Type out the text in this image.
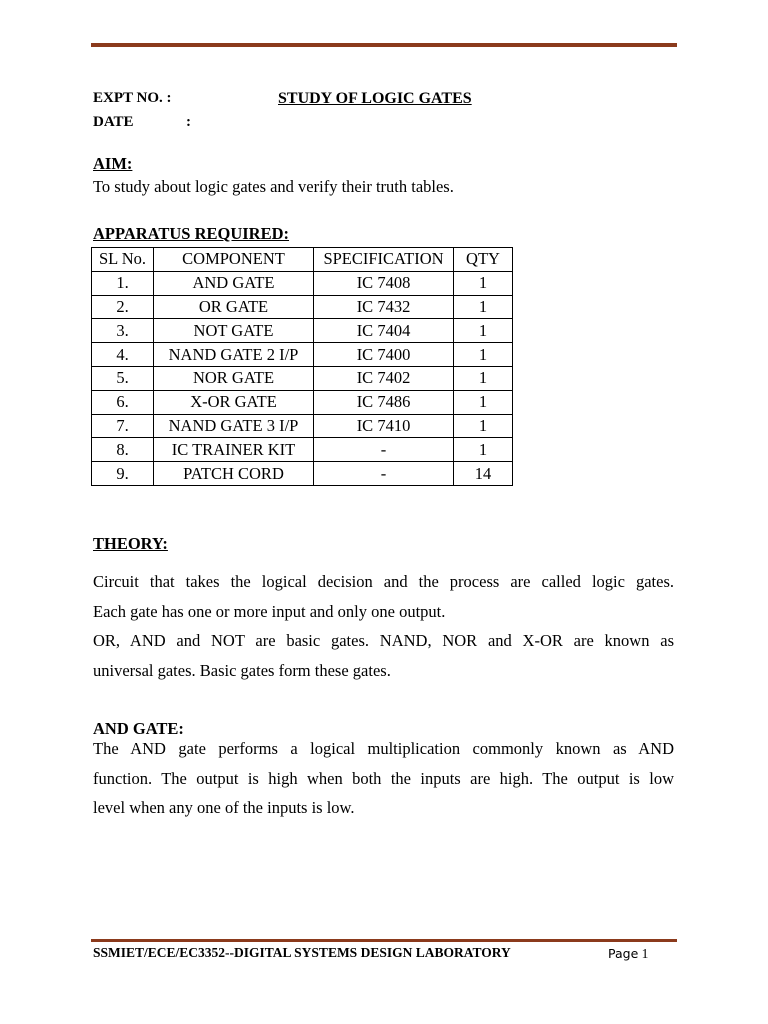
EXPT NO. :
DATE	:
STUDY OF LOGIC GATES
AIM:
To study about logic gates and verify their truth tables.
APPARATUS REQUIRED:
SL No.	COMPONENT	SPECIFICATION	QTY
1.	AND GATE	IC 7408	1
2.	OR GATE	IC 7432	1
3.	NOT GATE	IC 7404	1
4.	NAND GATE 2 I/P	IC 7400	1
5.	NOR GATE	IC 7402	1
6.	X-OR GATE	IC 7486	1
7.	NAND GATE 3 I/P	IC 7410	1
8.	IC TRAINER KIT	-	1
9.	PATCH CORD	-	14
THEORY:
Circuit that takes the logical decision and the process are called logic gates.
Each gate has one or more input and only one output.
OR, AND and NOT are basic gates. NAND, NOR and X-OR are known as
universal gates. Basic gates form these gates.
AND GATE:
The AND gate performs a logical multiplication commonly known as AND
function. The output is high when both the inputs are high. The output is low
level when any one of the inputs is low.
SSMIET/ECE/EC3352--DIGITAL SYSTEMS DESIGN LABORATORY	Page 1
